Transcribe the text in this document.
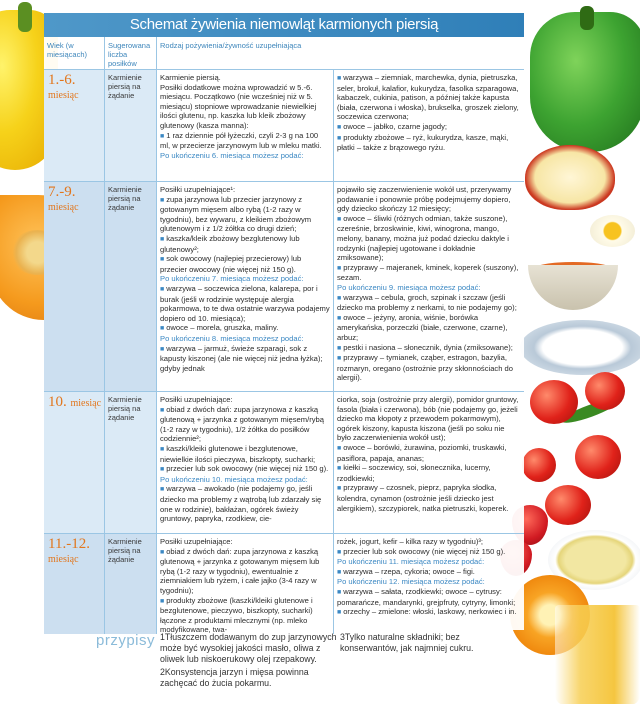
Schemat żywienia niemowląt karmionych piersią
Wiek (w miesiącach)
Sugerowana liczba posiłków
Rodzaj pożywienia/żywność uzupełniająca
1.-6. miesiąc
Karmienie piersią na żądanie

Karmienie piersią.

Posiłki dodatkowe można wprowadzić w 5.-6. miesiącu. Początkowo (nie wcześniej niż w 5. miesiącu) stopniowe wprowadzanie niewielkiej ilości glutenu, np. kaszka lub kleik zbożowy glutenowy (kasza manna):

■ 1 raz dziennie pół łyżeczki, czyli 2-3 g na 100 ml, w przecierze jarzynowym lub w mleku matki.

Po ukończeniu 6. miesiąca możesz podać:

■ warzywa – ziemniak, marchewka, dynia, pietruszka, seler, brokuł, kalafior, kukurydza, fasolka szparagowa, kabaczek, cukinia, patison, a później także kapusta (biała, czerwona i włoska), brukselka, groszek zielony, soczewica czerwona;

■ owoce – jabłko, czarne jagody;

■ produkty zbożowe – ryż, kukurydza, kasze, mąki, płatki – także z brązowego ryżu.

7.-9. miesiąc
Karmienie piersią na żądanie

Posiłki uzupełniające¹:

■ zupa jarzynowa lub przecier jarzynowy z gotowanym mięsem albo rybą (1-2 razy w tygodniu), bez wywaru, z kleikiem zbożowym glutenowym i z 1/2 żółtka co drugi dzień;

■ kaszka/kleik zbożowy bezglutenowy lub glutenowy²;

■ sok owocowy (najlepiej przecierowy) lub przecier owocowy (nie więcej niż 150 g).

Po ukończeniu 7. miesiąca możesz podać:

■ warzywa – soczewica zielona, kalarepa, por i burak (jeśli w rodzinie występuje alergia pokarmowa, to te dwa ostatnie warzywa podajemy dopiero od 10. miesiąca);

■ owoce – morela, gruszka, maliny.

Po ukończeniu 8. miesiąca możesz podać:

■ warzywa – jarmuż, świeże szparagi, sok z kapusty kiszonej (ale nie więcej niż jedna łyżka); gdyby jednak

pojawiło się zaczerwienienie wokół ust, przerywamy podawanie i ponownie próbę podejmujemy dopiero, gdy dziecko skończy 12 miesięcy;

■ owoce – śliwki (różnych odmian, także suszone), czereśnie, brzoskwinie, kiwi, winogrona, mango, melony, banany, można już podać dziecku daktyle i rodzynki (najlepiej ugotowane i dokładnie zmiksowane);

■ przyprawy – majeranek, kminek, koperek (suszony), sezam.

Po ukończeniu 9. miesiąca możesz podać:

■ warzywa – cebula, groch, szpinak i szczaw (jeśli dziecko ma problemy z nerkami, to nie podajemy go);

■ owoce – jeżyny, aronia, wiśnie, borówka amerykańska, porzeczki (białe, czerwone, czarne), arbuz;

■ pestki i nasiona – słonecznik, dynia (zmiksowane);

■ przyprawy – tymianek, cząber, estragon, bazylia, rozmaryn, oregano (ostrożnie przy skłonnościach do alergii).

10. miesiąc Karmienie piersią na żądanie

Posiłki uzupełniające:

■ obiad z dwóch dań: zupa jarzynowa z kaszką glutenową + jarzynka z gotowanym mięsem/rybą (1-2 razy w tygodniu), 1/2 żółtka do posiłków codziennie²;

■ kaszki/kleiki glutenowe i bezglutenowe, niewielkie ilości pieczywa, biszkopty, sucharki;

■ przecier lub sok owocowy (nie więcej niż 150 g).

Po ukończeniu 10. miesiąca możesz podać:

■ warzywa – awokado (nie podajemy go, jeśli dziecko ma problemy z wątrobą lub zdarzały się one w rodzinie), bakłażan, ogórek świeży gruntowy, papryka, rzodkiew, cie-

ciorka, soja (ostrożnie przy alergii), pomidor gruntowy, fasola (biała i czerwona), bób (nie podajemy go, jeżeli dziecko ma kłopoty z przewodem pokarmowym), ogórek kiszony, kapusta kiszona (jeśli po soku nie było zaczerwienienia wokół ust);

■ owoce – borówki, żurawina, poziomki, truskawki, pasiflora, papaja, ananas;

■ kiełki – soczewicy, soi, słonecznika, lucerny, rzodkiewki;

■ przyprawy – czosnek, pieprz, papryka słodka, kolendra, cynamon (ostrożnie jeśli dziecko jest alergikiem), szczypiorek, natka pietruszki, koperek.

11.-12. miesiąc
Karmienie piersią na żądanie

Posiłki uzupełniające:

■ obiad z dwóch dań: zupa jarzynowa z kaszką glutenową + jarzynka z gotowanym mięsem lub rybą (1-2 razy w tygodniu), ewentualnie z ziemniakiem lub ryżem, i całe jajko (3-4 razy w tygodniu);

■ produkty zbożowe (kaszki/kleiki glutenowe i bezglutenowe, pieczywo, biszkopty, sucharki) łączone z produktami mlecznymi (np. mleko modyfikowane, twa-

rożek, jogurt, kefir – kilka razy w tygodniu)³;

■ przecier lub sok owocowy (nie więcej niż 150 g).

Po ukończeniu 11. miesiąca możesz podać:

■ warzywa – rzepa, cykoria; owoce – figi.

Po ukończeniu 12. miesiąca możesz podać:

■ warzywa – sałata, rzodkiewki; owoce – cytrusy: pomarańcze, mandarynki, grejpfruty, cytryny, limonki;

■ orzechy – zmielone: włoski, laskowy, nerkowiec i in.

przypisy 1Tłuszczem dodawanym do zup jarzynowych może być wysokiej jakości masło, oliwa z oliwek lub niskoerukowy olej rzepakowy.

2Konsystencja jarzyn i mięsa powinna zachęcać do żucia pokarmu.

3Tylko naturalne składniki; bez konserwantów, jak najmniej cukru.
